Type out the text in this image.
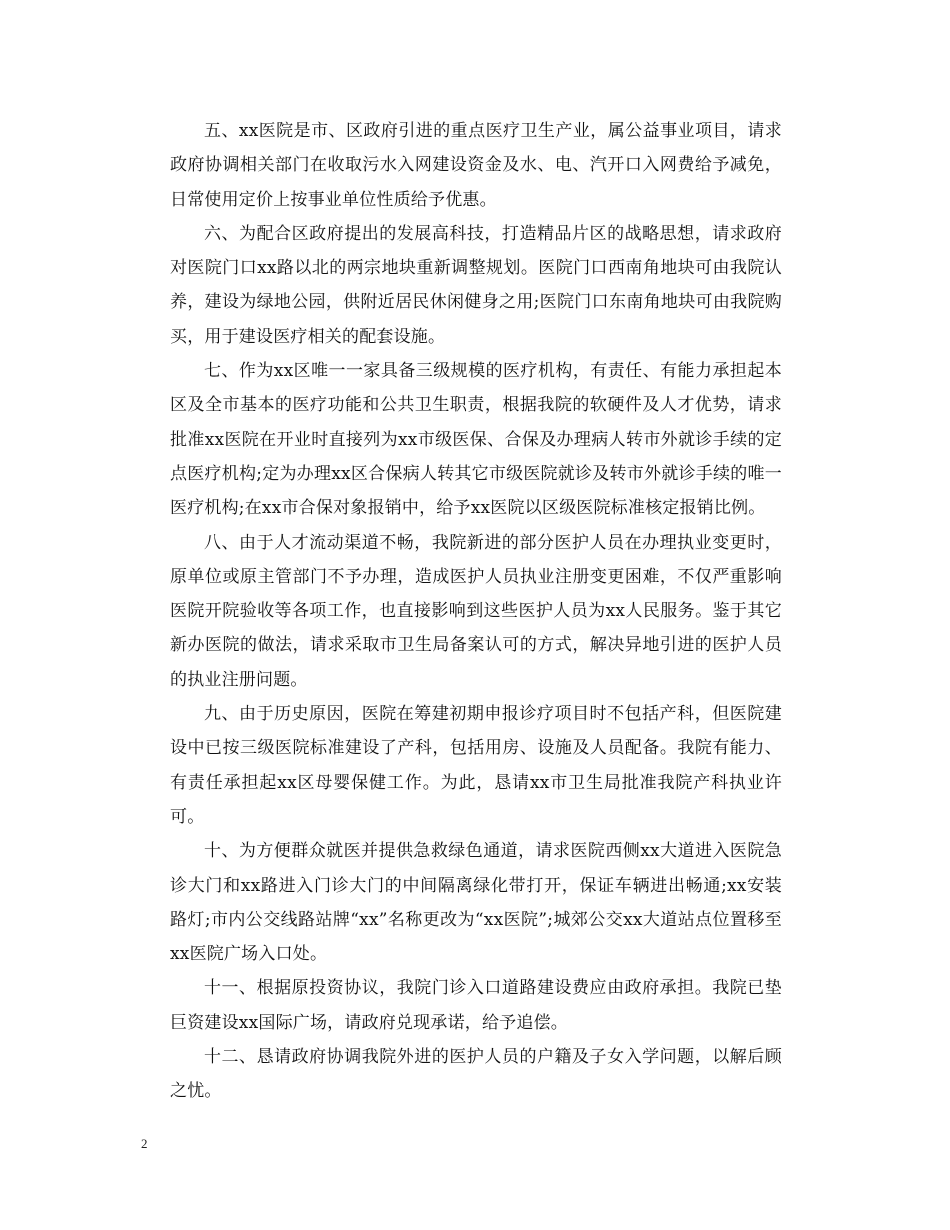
五、xx医院是市、区政府引进的重点医疗卫生产业，属公益事业项目，请求政府协调相关部门在收取污水入网建设资金及水、电、汽开口入网费给予减免，日常使用定价上按事业单位性质给予优惠。

六、为配合区政府提出的发展高科技，打造精品片区的战略思想，请求政府对医院门口xx路以北的两宗地块重新调整规划。医院门口西南角地块可由我院认养，建设为绿地公园，供附近居民休闲健身之用;医院门口东南角地块可由我院购买，用于建设医疗相关的配套设施。

七、作为xx区唯一一家具备三级规模的医疗机构，有责任、有能力承担起本区及全市基本的医疗功能和公共卫生职责，根据我院的软硬件及人才优势，请求批准xx医院在开业时直接列为xx市级医保、合保及办理病人转市外就诊手续的定点医疗机构;定为办理xx区合保病人转其它市级医院就诊及转市外就诊手续的唯一医疗机构;在xx市合保对象报销中，给予xx医院以区级医院标准核定报销比例。

八、由于人才流动渠道不畅，我院新进的部分医护人员在办理执业变更时，原单位或原主管部门不予办理，造成医护人员执业注册变更困难，不仅严重影响医院开院验收等各项工作，也直接影响到这些医护人员为xx人民服务。鉴于其它新办医院的做法，请求采取市卫生局备案认可的方式，解决异地引进的医护人员的执业注册问题。

九、由于历史原因，医院在筹建初期申报诊疗项目时不包括产科，但医院建设中已按三级医院标准建设了产科，包括用房、设施及人员配备。我院有能力、有责任承担起xx区母婴保健工作。为此，恳请xx市卫生局批准我院产科执业许可。

十、为方便群众就医并提供急救绿色通道，请求医院西侧xx大道进入医院急诊大门和xx路进入门诊大门的中间隔离绿化带打开，保证车辆进出畅通;xx安装路灯;市内公交线路站牌“xx”名称更改为“xx医院”;城郊公交xx大道站点位置移至xx医院广场入口处。

十一、根据原投资协议，我院门诊入口道路建设费应由政府承担。我院已垫巨资建设xx国际广场，请政府兑现承诺，给予追偿。

十二、恳请政府协调我院外进的医护人员的户籍及子女入学问题，以解后顾之忧。

2
